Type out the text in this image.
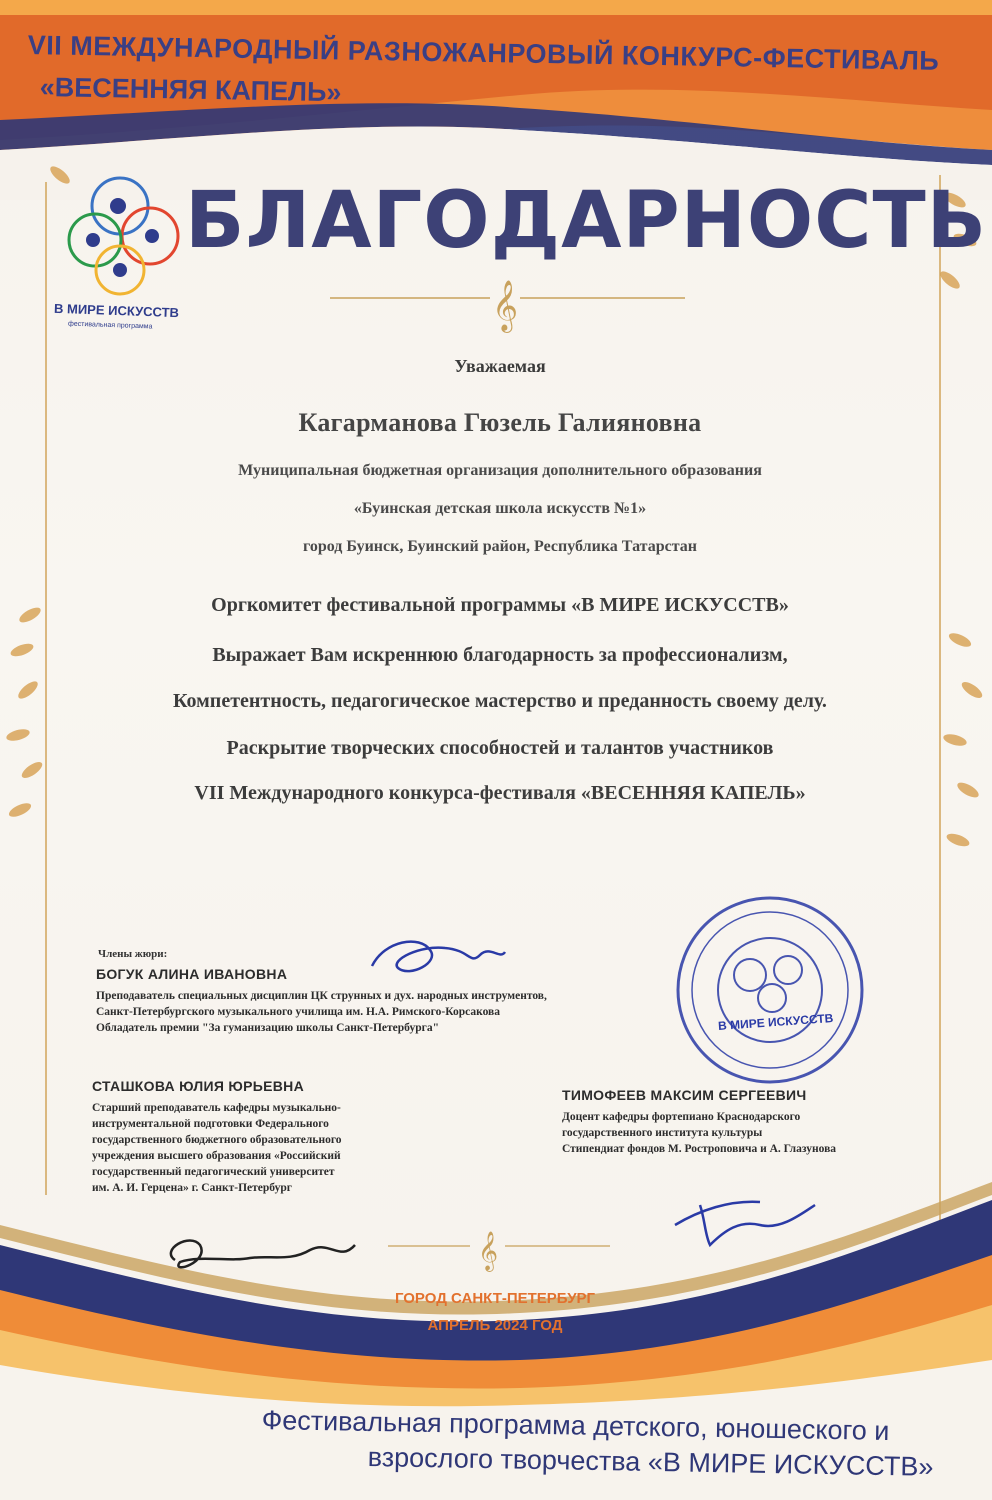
𝄞
𝄞
VII МЕЖДУНАРОДНЫЙ РАЗНОЖАНРОВЫЙ КОНКУРС-ФЕСТИВАЛЬ
«ВЕСЕННЯЯ КАПЕЛЬ»
В МИРЕ ИСКУССТВ
фестивальная программа
БЛАГОДАРНОСТЬ
Уважаемая
Кагарманова Гюзель Галияновна
Муниципальная бюджетная организация дополнительного образования
«Буинская детская школа искусств №1»
город Буинск, Буинский район, Республика Татарстан
Оргкомитет фестивальной программы «В МИРЕ ИСКУССТВ»
Выражает Вам искреннюю благодарность за профессионализм,
Компетентность, педагогическое мастерство и преданность своему делу.
Раскрытие творческих способностей и талантов участников
VII Международного конкурса-фестиваля «ВЕСЕННЯЯ КАПЕЛЬ»
В МИРЕ ИСКУССТВ
Члены жюри:
БОГУК АЛИНА ИВАНОВНА
Преподаватель специальных дисциплин ЦК струнных и дух. народных инструментов,
Санкт-Петербургского музыкального училища им. Н.А. Римского-Корсакова
Обладатель премии "За гуманизацию школы Санкт-Петербурга"
СТАШКОВА ЮЛИЯ ЮРЬЕВНА
Старший преподаватель кафедры музыкально-
инструментальной подготовки Федерального
государственного бюджетного образовательного
учреждения высшего образования «Российский
государственный педагогический университет
им. А. И. Герцена» г. Санкт-Петербург
ТИМОФЕЕВ МАКСИМ СЕРГЕЕВИЧ
Доцент кафедры фортепиано Краснодарского
государственного института культуры
Стипендиат фондов М. Ростроповича и А. Глазунова
ГОРОД САНКТ-ПЕТЕРБУРГ
АПРЕЛЬ 2024 ГОД
Фестивальная программа детского, юношеского и
взрослого творчества «В МИРЕ ИСКУССТВ»
